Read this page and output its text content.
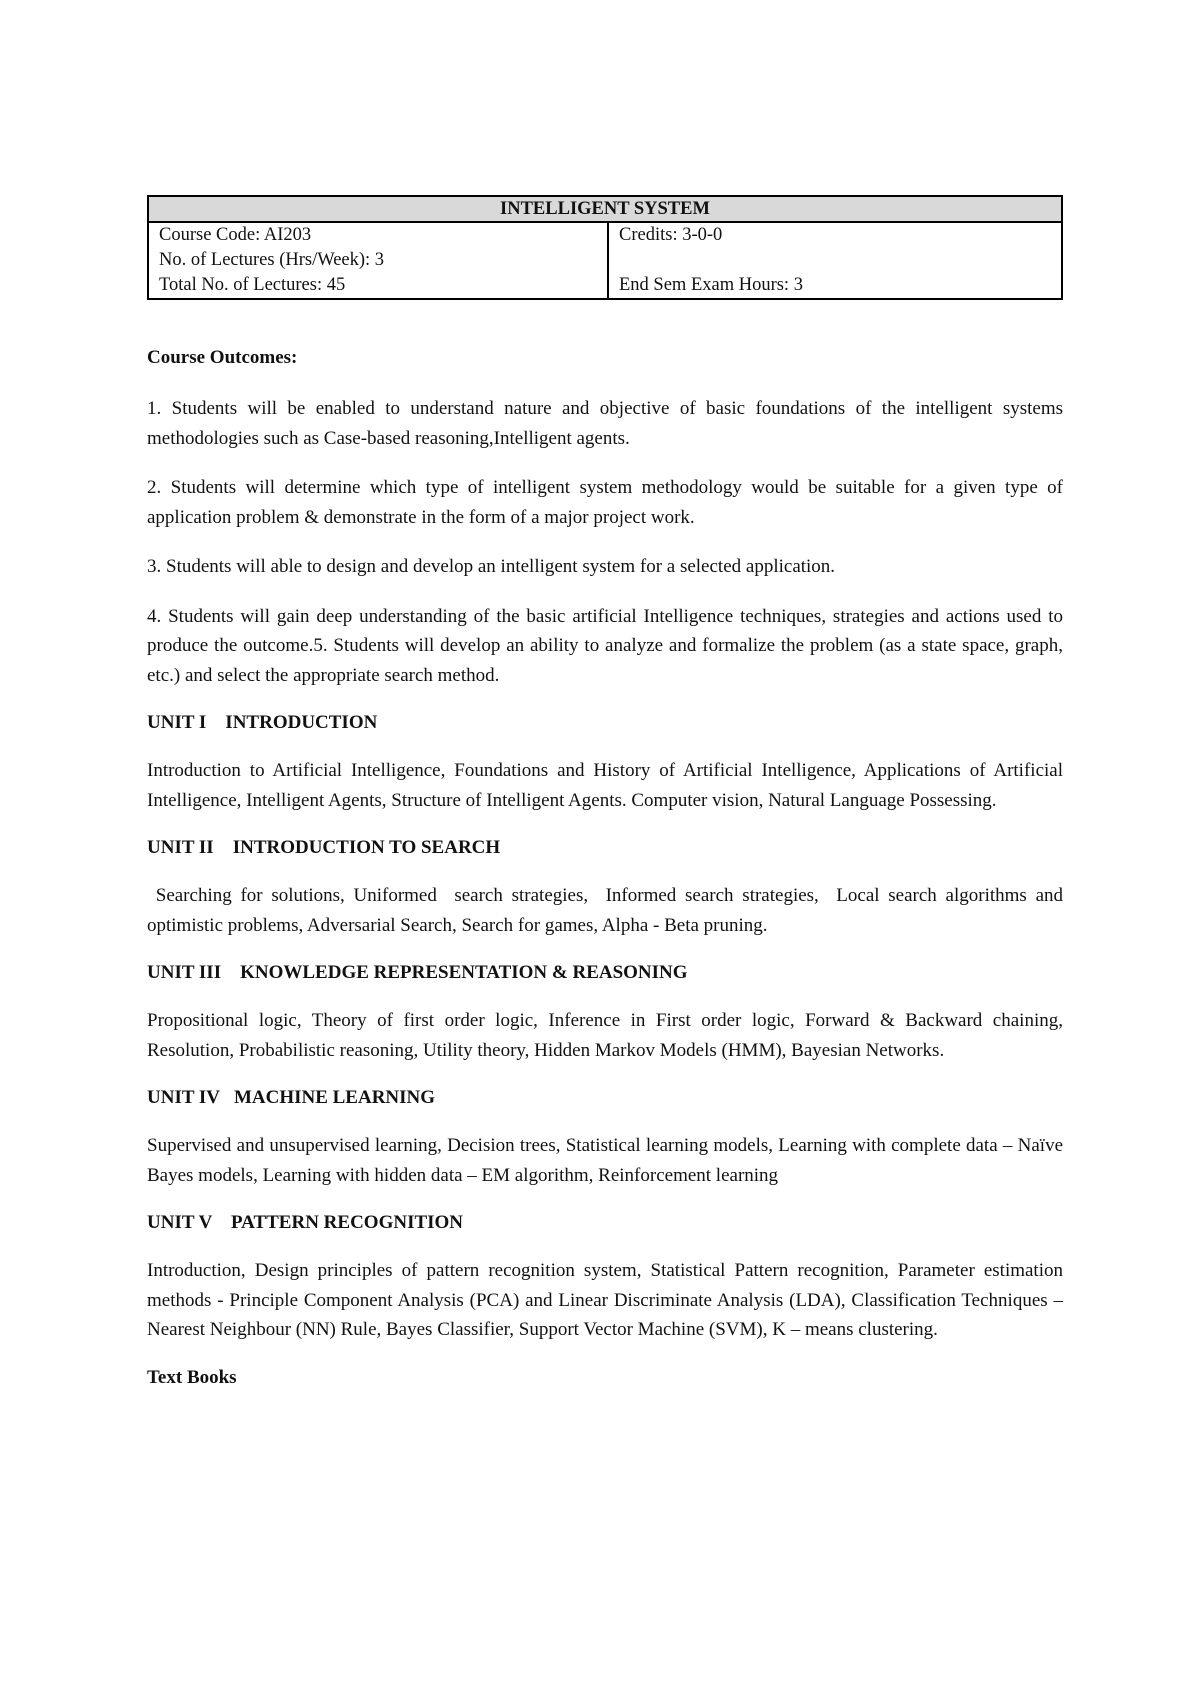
INTELLIGENT SYSTEM

Course Code: AI203
No. of Lectures (Hrs/Week): 3
Total No. of Lectures: 45

Credits: 3-0-0
End Sem Exam Hours: 3

Course Outcomes:

1. Students will be enabled to understand nature and objective of basic foundations of the intelligent systems methodologies such as Case-based reasoning,Intelligent agents.

2. Students will determine which type of intelligent system methodology would be suitable for a given type of application problem & demonstrate in the form of a major project work.

3. Students will able to design and develop an intelligent system for a selected application.

4. Students will gain deep understanding of the basic artificial Intelligence techniques, strategies and actions used to produce the outcome.5. Students will develop an ability to analyze and formalize the problem (as a state space, graph, etc.) and select the appropriate search method.

UNIT I    INTRODUCTION

Introduction to Artificial Intelligence, Foundations and History of Artificial Intelligence, Applications of Artificial Intelligence, Intelligent Agents, Structure of Intelligent Agents. Computer vision, Natural Language Possessing.

UNIT II    INTRODUCTION TO SEARCH

Searching for solutions, Uniformed  search strategies,  Informed search strategies,  Local search algorithms and optimistic problems, Adversarial Search, Search for games, Alpha - Beta pruning.

UNIT III    KNOWLEDGE REPRESENTATION & REASONING

Propositional logic, Theory of first order logic, Inference in First order logic, Forward & Backward chaining, Resolution, Probabilistic reasoning, Utility theory, Hidden Markov Models (HMM), Bayesian Networks.

UNIT IV   MACHINE LEARNING

Supervised and unsupervised learning, Decision trees, Statistical learning models, Learning with complete data – Naïve Bayes models, Learning with hidden data – EM algorithm, Reinforcement learning

UNIT V    PATTERN RECOGNITION

Introduction, Design principles of pattern recognition system, Statistical Pattern recognition, Parameter estimation methods - Principle Component Analysis (PCA) and Linear Discriminate Analysis (LDA), Classification Techniques – Nearest Neighbour (NN) Rule, Bayes Classifier, Support Vector Machine (SVM), K – means clustering.

Text Books
